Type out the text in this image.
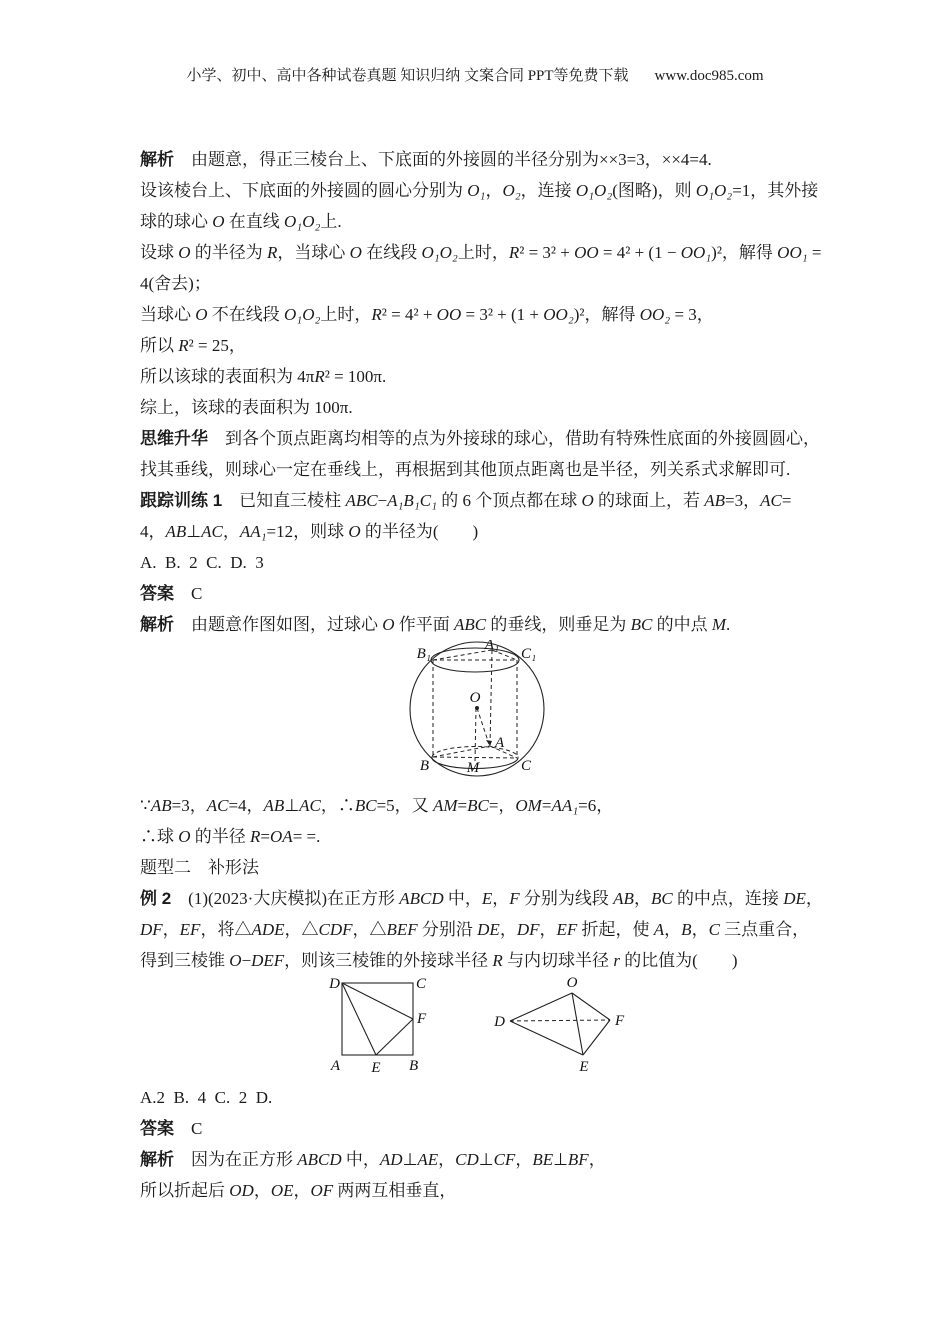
小学、初中、高中各种试卷真题 知识归纳 文案合同 PPT等免费下载 www.doc985.com
解析　由题意，得正三棱台上、下底面的外接圆的半径分别为××3=3，××4=4.
设该棱台上、下底面的外接圆的圆心分别为 O₁，O₂，连接 O₁O₂(图略)，则 O₁O₂=1，其外接
球的球心 O 在直线 O₁O₂上.
设球 O 的半径为 R，当球心 O 在线段 O₁O₂上时，R² = 3² + OO = 4² + (1 − OO₁)²，解得 OO₁ =
4(舍去)；
当球心 O 不在线段 O₁O₂上时，R² = 4² + OO = 3² + (1 + OO₂)²，解得 OO₂ = 3，
所以 R² = 25，
所以该球的表面积为 4πR² = 100π.
综上，该球的表面积为 100π.
思维升华　到各个顶点距离均相等的点为外接球的球心，借助有特殊性底面的外接圆圆心，
找其垂线，则球心一定在垂线上，再根据到其他顶点距离也是半径，列关系式求解即可.
跟踪训练 1　已知直三棱柱 ABC−A₁B₁C₁ 的 6 个顶点都在球 O 的球面上，若 AB=3，AC=
4，AB⊥AC，AA₁=12，则球 O 的半径为(　　)
A. B. 2 C. D. 3
答案　C
解析　由题意作图如图，过球心 O 作平面 ABC 的垂线，则垂足为 BC 的中点 M.
B₁
A₁
C₁
O
A
B	M	C
∵AB=3，AC=4，AB⊥AC，∴BC=5，又 AM=BC=，OM=AA₁=6，
∴球 O 的半径 R=OA= =.
题型二　补形法
例 2　(1)(2023·大庆模拟)在正方形 ABCD 中，E，F 分别为线段 AB，BC 的中点，连接 DE，
DF，EF，将△ADE，△CDF，△BEF 分别沿 DE，DF，EF 折起，使 A，B，C 三点重合，
得到三棱锥 O−DEF，则该三棱锥的外接球半径 R 与内切球半径 r 的比值为(　　)
D	C
F
A E B
O
D	F
E
A.2 B. 4 C. 2 D.
答案　C
解析　因为在正方形 ABCD 中，AD⊥AE，CD⊥CF，BE⊥BF，
所以折起后 OD，OE，OF 两两互相垂直，
